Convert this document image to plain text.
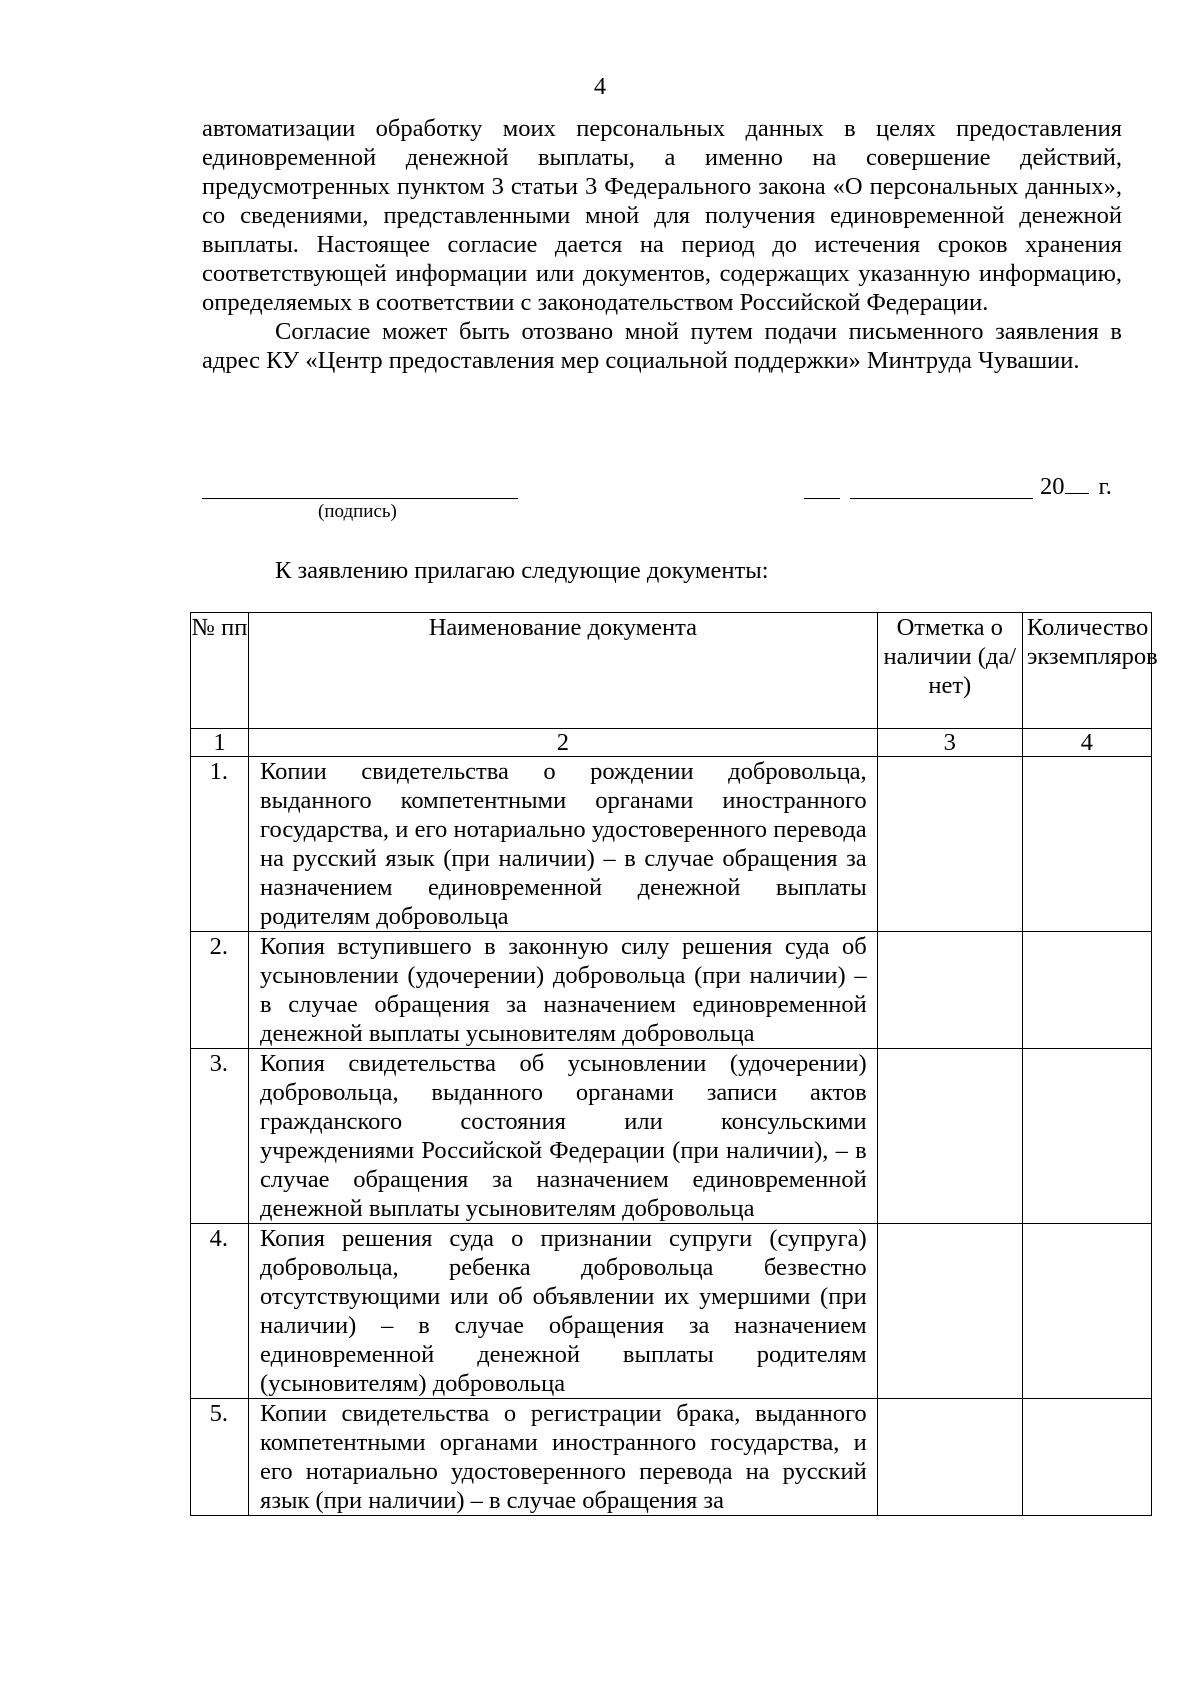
4

автоматизации обработку моих персональных данных в целях предоставления единовременной денежной выплаты, а именно на совершение действий, предусмотренных пунктом 3 статьи 3 Федерального закона «О персональных данных», со сведениями, представленными мной для получения единовременной денежной выплаты. Настоящее согласие дается на период до истечения сроков хранения соответствующей информации или документов, содержащих указанную информацию, определяемых в соответствии с законодательством Российской Федерации.

Согласие может быть отозвано мной путем подачи письменного заявления в адрес КУ «Центр предоставления мер социальной поддержки» Минтруда Чувашии.

(подпись)
20 г.
К заявлению прилагаю следующие документы:
№ пп	Наименование документа	Отметка о наличии (да/нет)	Количество экземпляров
1	2	3	4
1.	Копии свидетельства о рождении добровольца, выданного компетентными органами иностранного государства, и его нотариально удостоверенного перевода на русский язык (при наличии) – в случае обращения за назначением единовременной денежной выплаты родителям добровольца		
2.	Копия вступившего в законную силу решения суда об усыновлении (удочерении) добровольца (при наличии) – в случае обращения за назначением единовременной денежной выплаты усыновителям добровольца		
3.	Копия свидетельства об усыновлении (удочерении) добровольца, выданного органами записи актов гражданского состояния или консульскими учреждениями Российской Федерации (при наличии), – в случае обращения за назначением единовременной денежной выплаты усыновителям добровольца		
4.	Копия решения суда о признании супруги (супруга) добровольца, ребенка добровольца безвестно отсутствующими или об объявлении их умершими (при наличии) – в случае обращения за назначением единовременной денежной выплаты родителям (усыновителям) добровольца		
5.	Копии свидетельства о регистрации брака, выданного компетентными органами иностранного государства, и его нотариально удостоверенного перевода на русский язык (при наличии) – в случае обращения за		
